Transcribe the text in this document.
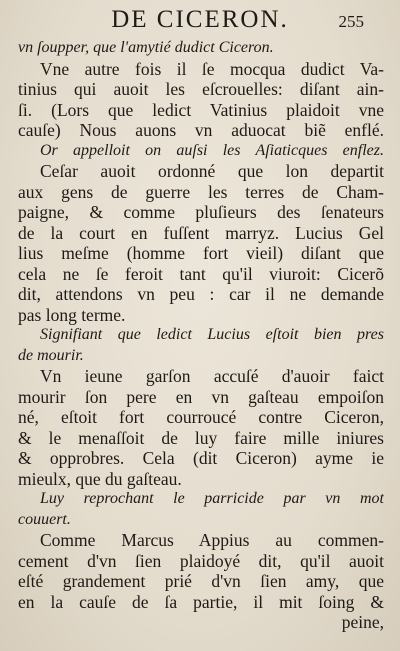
DE CICERON.	255
vn ſoupper, que l'amytié dudict Ciceron.
Vne autre fois il ſe mocqua dudict Va-
tinius qui auoit les eſcrouelles: diſant ain-
ſi. (Lors que ledict Vatinius plaidoit vne
cauſe) Nous auons vn aduocat biẽ enflé.
Or appelloit on auſsi les Aſiaticques enflez.
Ceſar auoit ordonné que lon departit
aux gens de guerre les terres de Cham-
paigne, & comme pluſieurs des ſenateurs
de la court en fuſſent marryz. Lucius Gel
lius meſme (homme fort vieil) diſant que
cela ne ſe feroit tant qu'il viuroit: Cicerõ
dit, attendons vn peu : car il ne demande
pas long terme.
Signifiant que ledict Lucius eſtoit bien pres
de mourir.
Vn ieune garſon accuſé d'auoir faict
mourir ſon pere en vn gaſteau empoiſon
né, eſtoit fort courroucé contre Ciceron,
& le menaſſoit de luy faire mille iniures
& opprobres. Cela (dit Ciceron) ayme ie
mieulx, que du gaſteau.
Luy reprochant le parricide par vn mot
couuert.
Comme Marcus Appius au commen-
cement d'vn ſien plaidoyé dit, qu'il auoit
eſté grandement prié d'vn ſien amy, que
en la cauſe de ſa partie, il mit ſoing &
peine,
